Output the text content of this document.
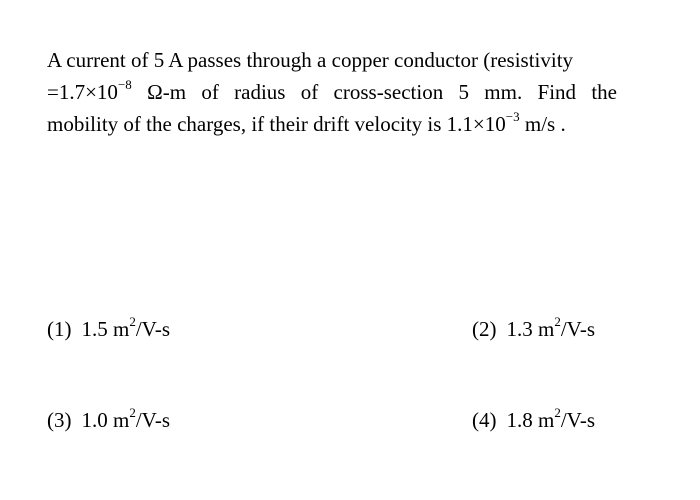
A current of 5 A passes through a copper conductor (resistivity
$=1.7\times 10^{-8}$ Ω-m of radius of cross-section 5 mm. Find the
mobility of the charges, if their drift velocity is $1.1\times 10^{-3}$ m/s .
(1) 1.5 $m^2/V-s$	(2) 1.3 $m^2/V-s$
(3) 1.0 $m^2/V-s$	(4) 1.8 $m^2/V-s$
